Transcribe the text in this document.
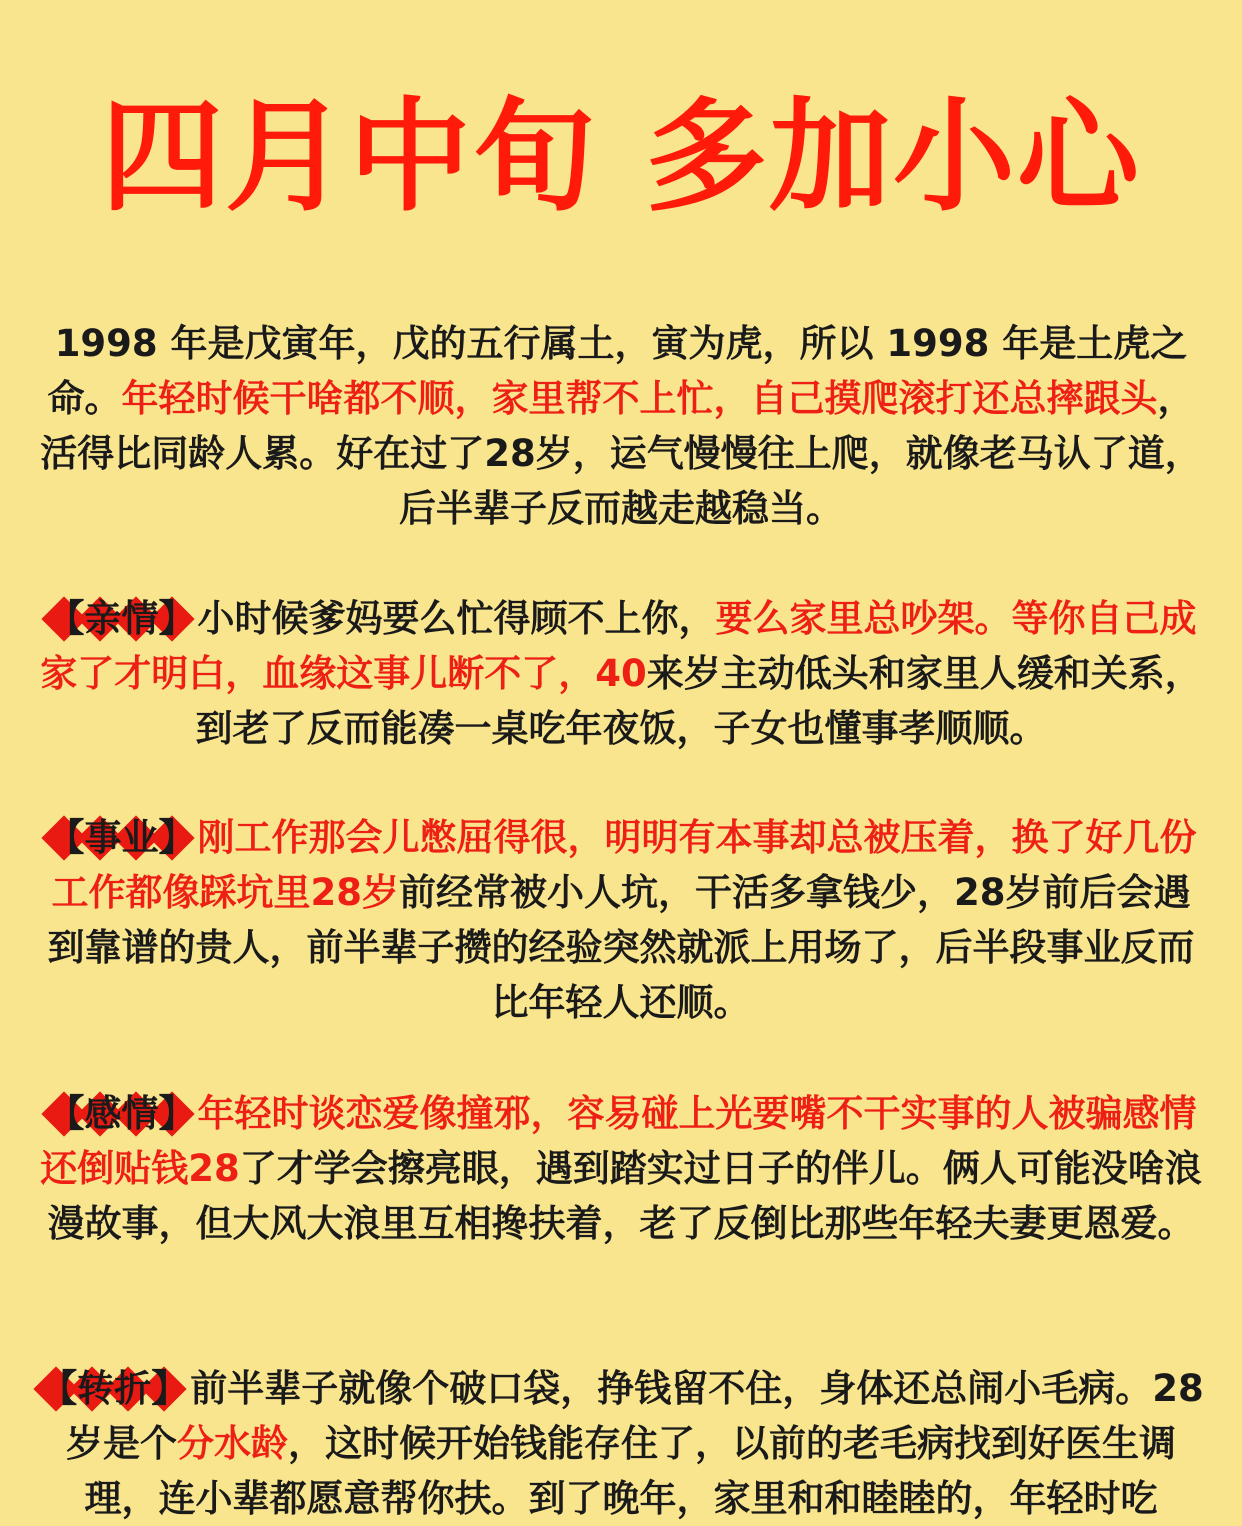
四月中旬 多加小心
1998 年是戊寅年，戊的五行属土，寅为虎，所以 1998 年是土虎之命。年轻时候干啥都不顺，家里帮不上忙，自己摸爬滚打还总摔跟头，活得比同龄人累。好在过了28岁，运气慢慢往上爬，就像老马认了道，后半辈子反而越走越稳当。
【亲情】小时候爹妈要么忙得顾不上你，要么家里总吵架。等你自己成家了才明白，血缘这事儿断不了，40来岁主动低头和家里人缓和关系，到老了反而能凑一桌吃年夜饭，子女也懂事孝顺顺。
【事业】刚工作那会儿憋屈得很，明明有本事却总被压着，换了好几份工作都像踩坑里28岁前经常被小人坑，干活多拿钱少，28岁前后会遇到靠谱的贵人，前半辈子攒的经验突然就派上用场了，后半段事业反而比年轻人还顺。
【感情】年轻时谈恋爱像撞邪，容易碰上光要嘴不干实事的人被骗感情还倒贴钱28了才学会擦亮眼，遇到踏实过日子的伴儿。俩人可能没啥浪漫故事，但大风大浪里互相搀扶着，老了反倒比那些年轻夫妻更恩爱。
【转折】前半辈子就像个破口袋，挣钱留不住，身体还总闹小毛病。28岁是个分水龄，这时候开始钱能存住了，以前的老毛病找到好医生调理，连小辈都愿意帮你扶。到了晚年，家里和和睦睦的，年轻时吃
